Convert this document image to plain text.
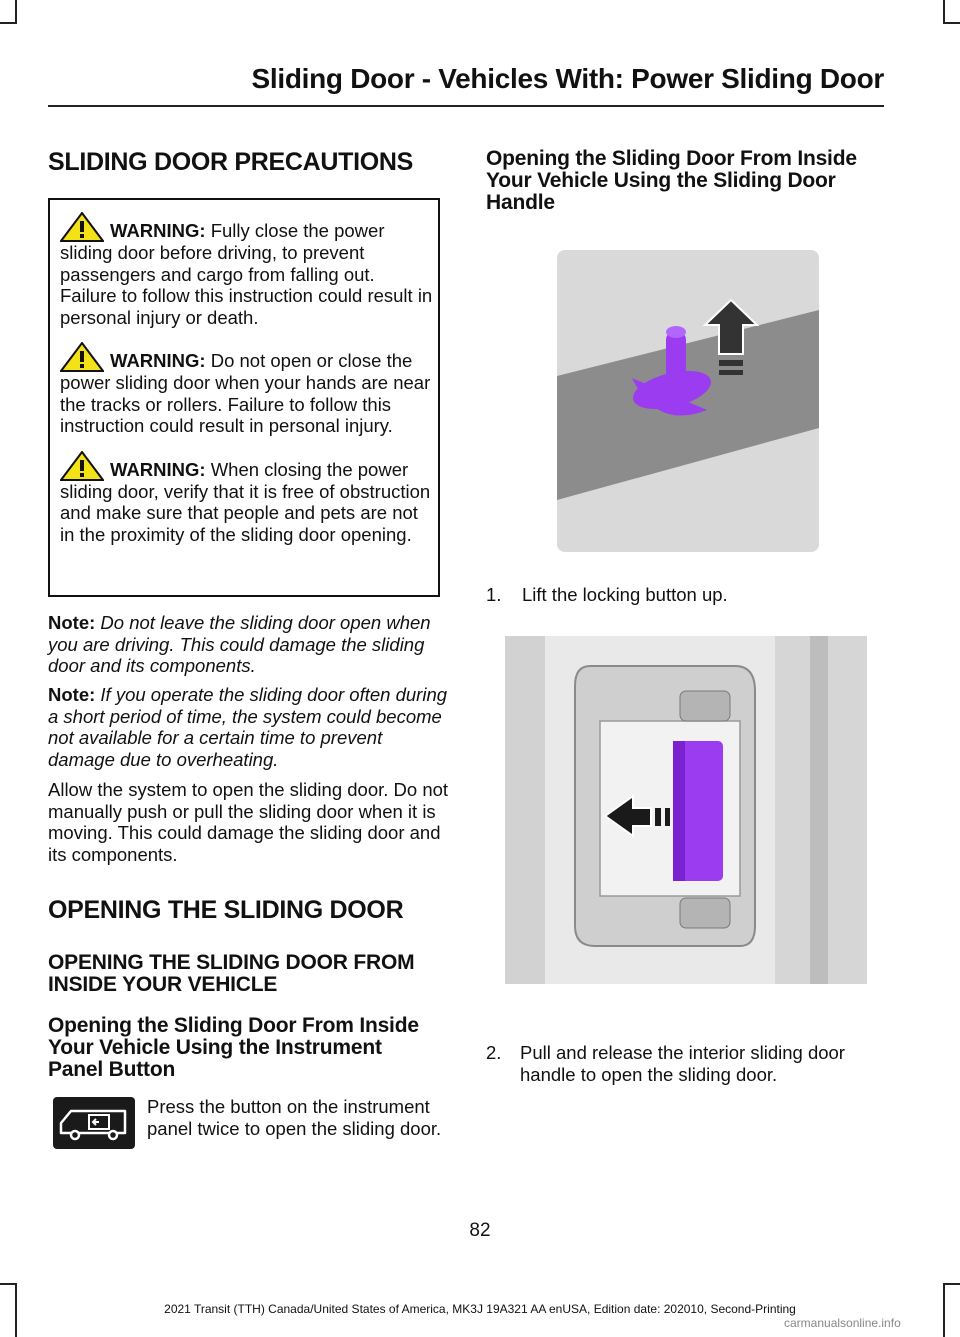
Sliding Door - Vehicles With: Power Sliding Door
SLIDING DOOR PRECAUTIONS

WARNING: Fully close the power sliding door before driving, to prevent passengers and cargo from falling out. Failure to follow this instruction could result in personal injury or death.

WARNING: Do not open or close the power sliding door when your hands are near the tracks or rollers. Failure to follow this instruction could result in personal injury.

WARNING: When closing the power sliding door, verify that it is free of obstruction and make sure that people and pets are not in the proximity of the sliding door opening.

Note: Do not leave the sliding door open when you are driving. This could damage the sliding door and its components.

Note: If you operate the sliding door often during a short period of time, the system could become not available for a certain time to prevent damage due to overheating.

Allow the system to open the sliding door. Do not manually push or pull the sliding door when it is moving. This could damage the sliding door and its components.

OPENING THE SLIDING DOOR
OPENING THE SLIDING DOOR FROM INSIDE YOUR VEHICLE
Opening the Sliding Door From Inside Your Vehicle Using the Instrument Panel Button

Press the button on the instrument panel twice to open the sliding door.

Opening the Sliding Door From Inside Your Vehicle Using the Sliding Door Handle

1.    Lift the locking button up.

2. Pull and release the interior sliding door handle to open the sliding door.

82
2021 Transit (TTH) Canada/United States of America, MK3J 19A321 AA enUSA, Edition date: 202010, Second-Printing
carmanualsonline.info
